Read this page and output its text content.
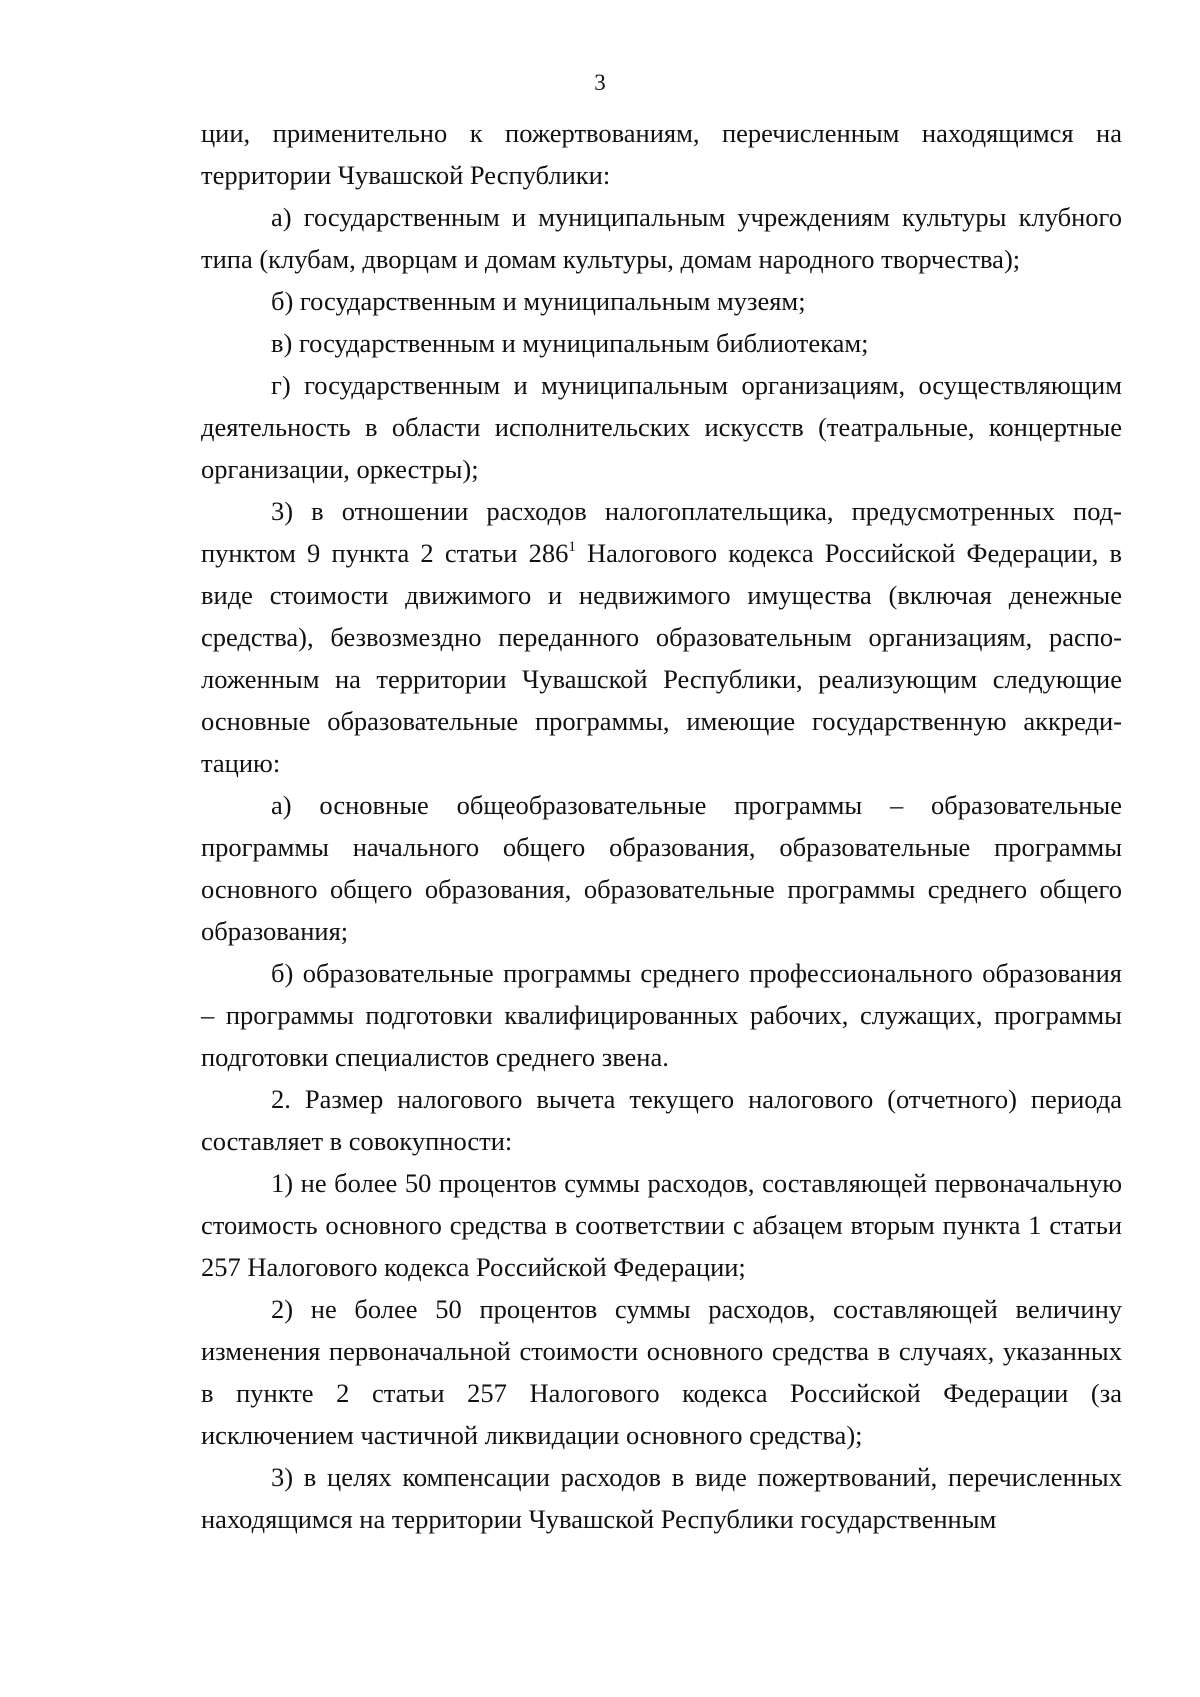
3

ции, применительно к пожертвованиям, перечисленным находящимся на территории Чувашской Республики:

а) государственным и муниципальным учреждениям культуры клубного типа (клубам, дворцам и домам культуры, домам народного творчества);

б) государственным и муниципальным музеям;

в) государственным и муниципальным библиотекам;

г) государственным и муниципальным организациям, осуществляющим деятельность в области исполнительских искусств (театральные, концертные организации, оркестры);

3) в отношении расходов налогоплательщика, предусмотренных подпунктом 9 пункта 2 статьи $286^1$ Налогового кодекса Российской Федерации, в виде стоимости движимого и недвижимого имущества (включая денежные средства), безвозмездно переданного образовательным организациям, расположенным на территории Чувашской Республики, реализующим следующие основные образовательные программы, имеющие государственную аккредитацию:

а) основные общеобразовательные программы – образовательные программы начального общего образования, образовательные программы основного общего образования, образовательные программы среднего общего образования;

б) образовательные программы среднего профессионального образования – программы подготовки квалифицированных рабочих, служащих, программы подготовки специалистов среднего звена.

2. Размер налогового вычета текущего налогового (отчетного) периода составляет в совокупности:

1) не более 50 процентов суммы расходов, составляющей первоначальную стоимость основного средства в соответствии с абзацем вторым пункта 1 статьи 257 Налогового кодекса Российской Федерации;

2) не более 50 процентов суммы расходов, составляющей величину изменения первоначальной стоимости основного средства в случаях, указанных в пункте 2 статьи 257 Налогового кодекса Российской Федерации (за исключением частичной ликвидации основного средства);

3) в целях компенсации расходов в виде пожертвований, перечисленных находящимся на территории Чувашской Республики государственным
